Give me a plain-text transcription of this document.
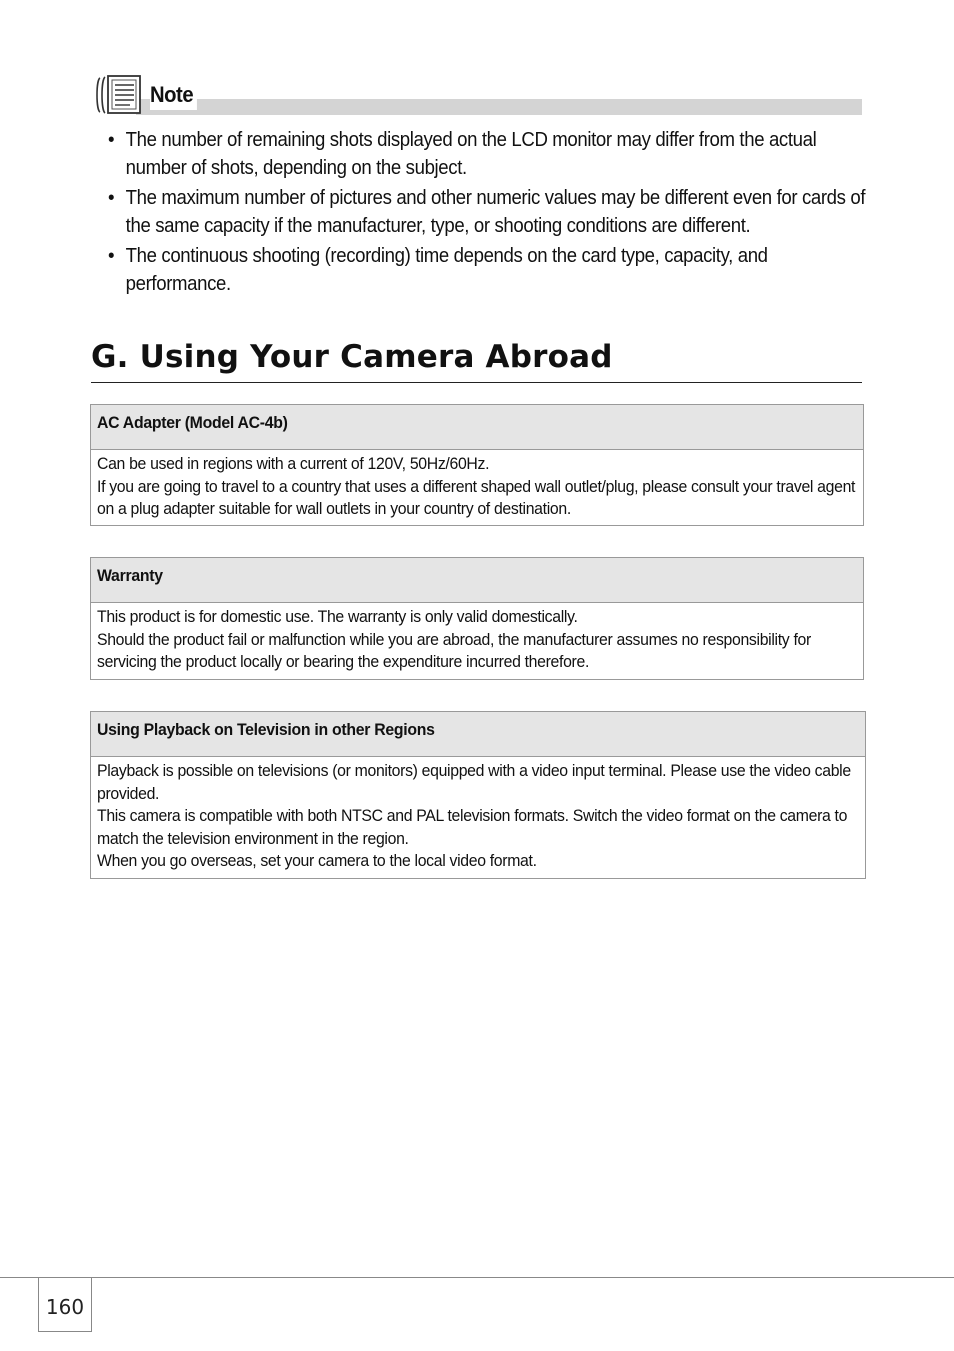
Note
• The number of remaining shots displayed on the LCD monitor may differ from the actual number of shots, depending on the subject.
• The maximum number of pictures and other numeric values may be different even for cards of the same capacity if the manufacturer, type, or shooting conditions are different.
• The continuous shooting (recording) time depends on the card type, capacity, and performance.
G. Using Your Camera Abroad
AC Adapter (Model AC-4b)
Can be used in regions with a current of 120V, 50Hz/60Hz.
If you are going to travel to a country that uses a different shaped wall outlet/plug, please consult your travel agent on a plug adapter suitable for wall outlets in your country of destination.
Warranty
This product is for domestic use. The warranty is only valid domestically.
Should the product fail or malfunction while you are abroad, the manufacturer assumes no responsibility for servicing the product locally or bearing the expenditure incurred therefore.
Using Playback on Television in other Regions
Playback is possible on televisions (or monitors) equipped with a video input terminal. Please use the video cable provided.
This camera is compatible with both NTSC and PAL television formats. Switch the video format on the camera to match the television environment in the region.
When you go overseas, set your camera to the local video format.
160
